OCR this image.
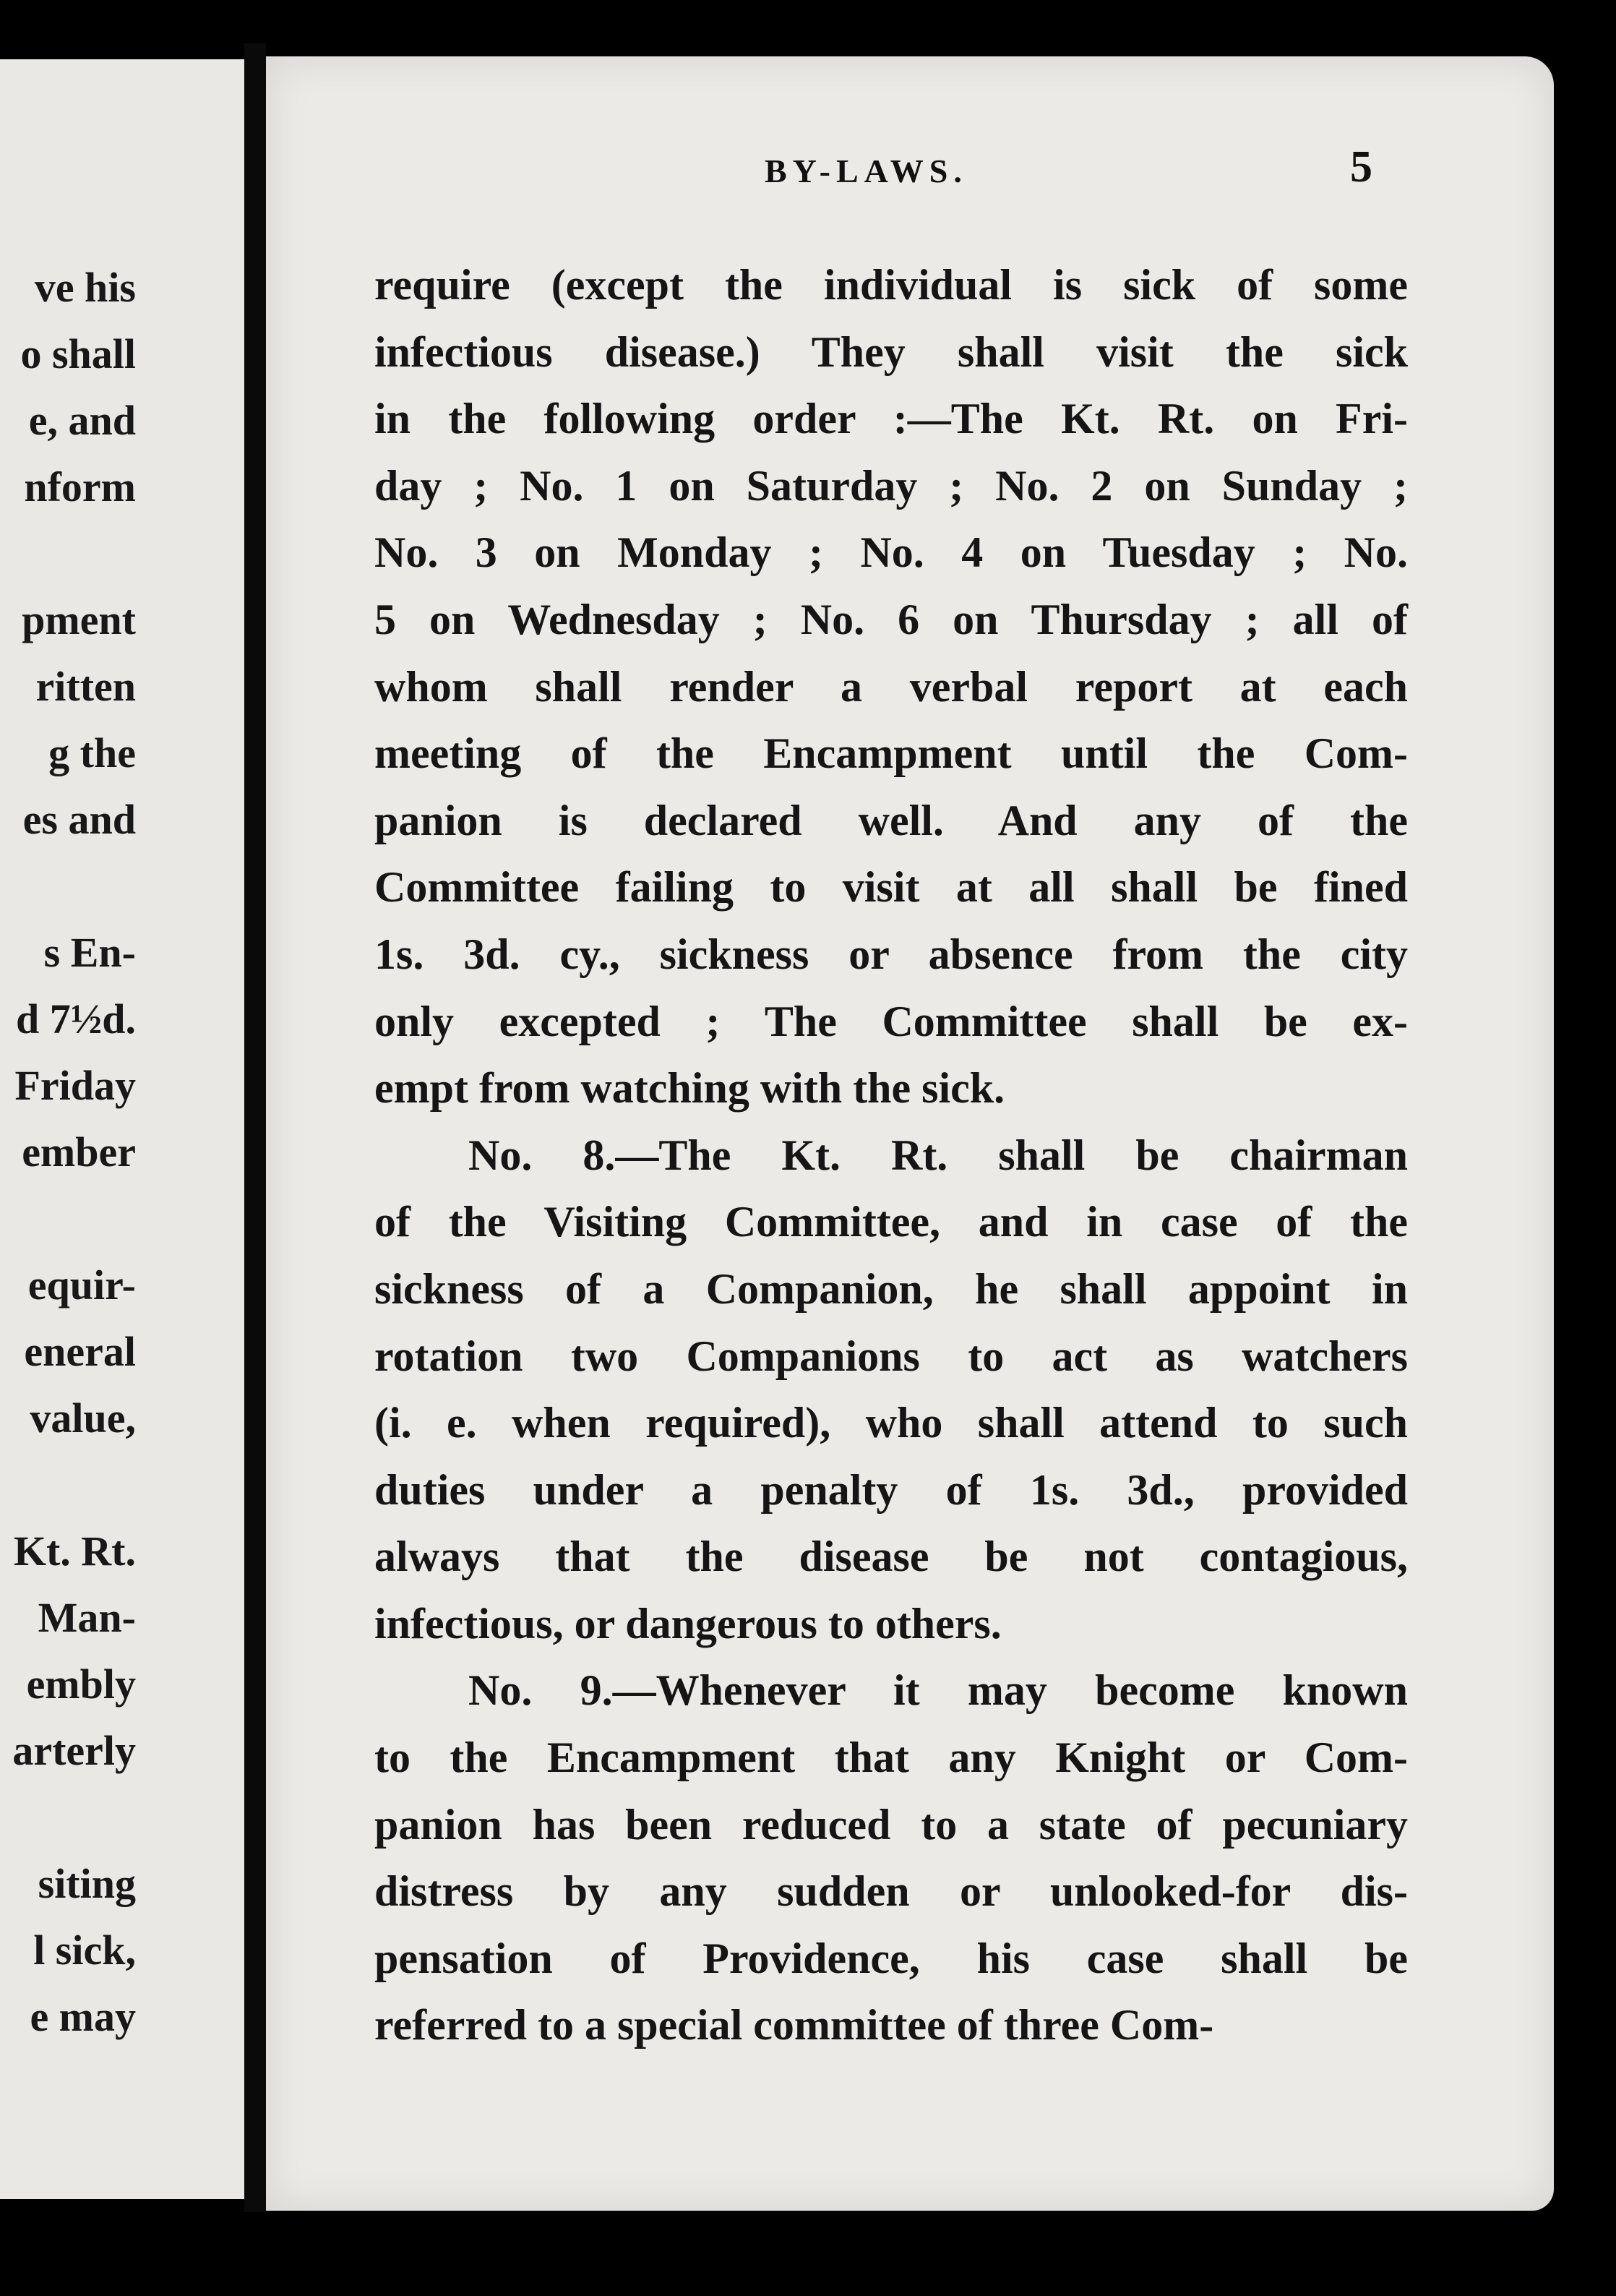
ve his
o shall
e, and
nform
pment
ritten
g the
es and
s En-
d 7½d.
Friday
ember
equir-
eneral
value,
Kt. Rt.
Man-
embly
arterly
siting
l sick,
e may
BY-LAWS.	5
require (except the individual is sick of some
infectious disease.) They shall visit the sick
in the following order :—The Kt. Rt. on Fri-
day ; No. 1 on Saturday ; No. 2 on Sunday ;
No. 3 on Monday ; No. 4 on Tuesday ; No.
5 on Wednesday ; No. 6 on Thursday ; all of
whom shall render a verbal report at each
meeting of the Encampment until the Com-
panion is declared well. And any of the
Committee failing to visit at all shall be fined
1s. 3d. cy., sickness or absence from the city
only excepted ; The Committee shall be ex-
empt from watching with the sick.
No. 8.—The Kt. Rt. shall be chairman
of the Visiting Committee, and in case of the
sickness of a Companion, he shall appoint in
rotation two Companions to act as watchers
(i. e. when required), who shall attend to such
duties under a penalty of 1s. 3d., provided
always that the disease be not contagious,
infectious, or dangerous to others.
No. 9.—Whenever it may become known
to the Encampment that any Knight or Com-
panion has been reduced to a state of pecuniary
distress by any sudden or unlooked-for dis-
pensation of Providence, his case shall be
referred to a special committee of three Com-
